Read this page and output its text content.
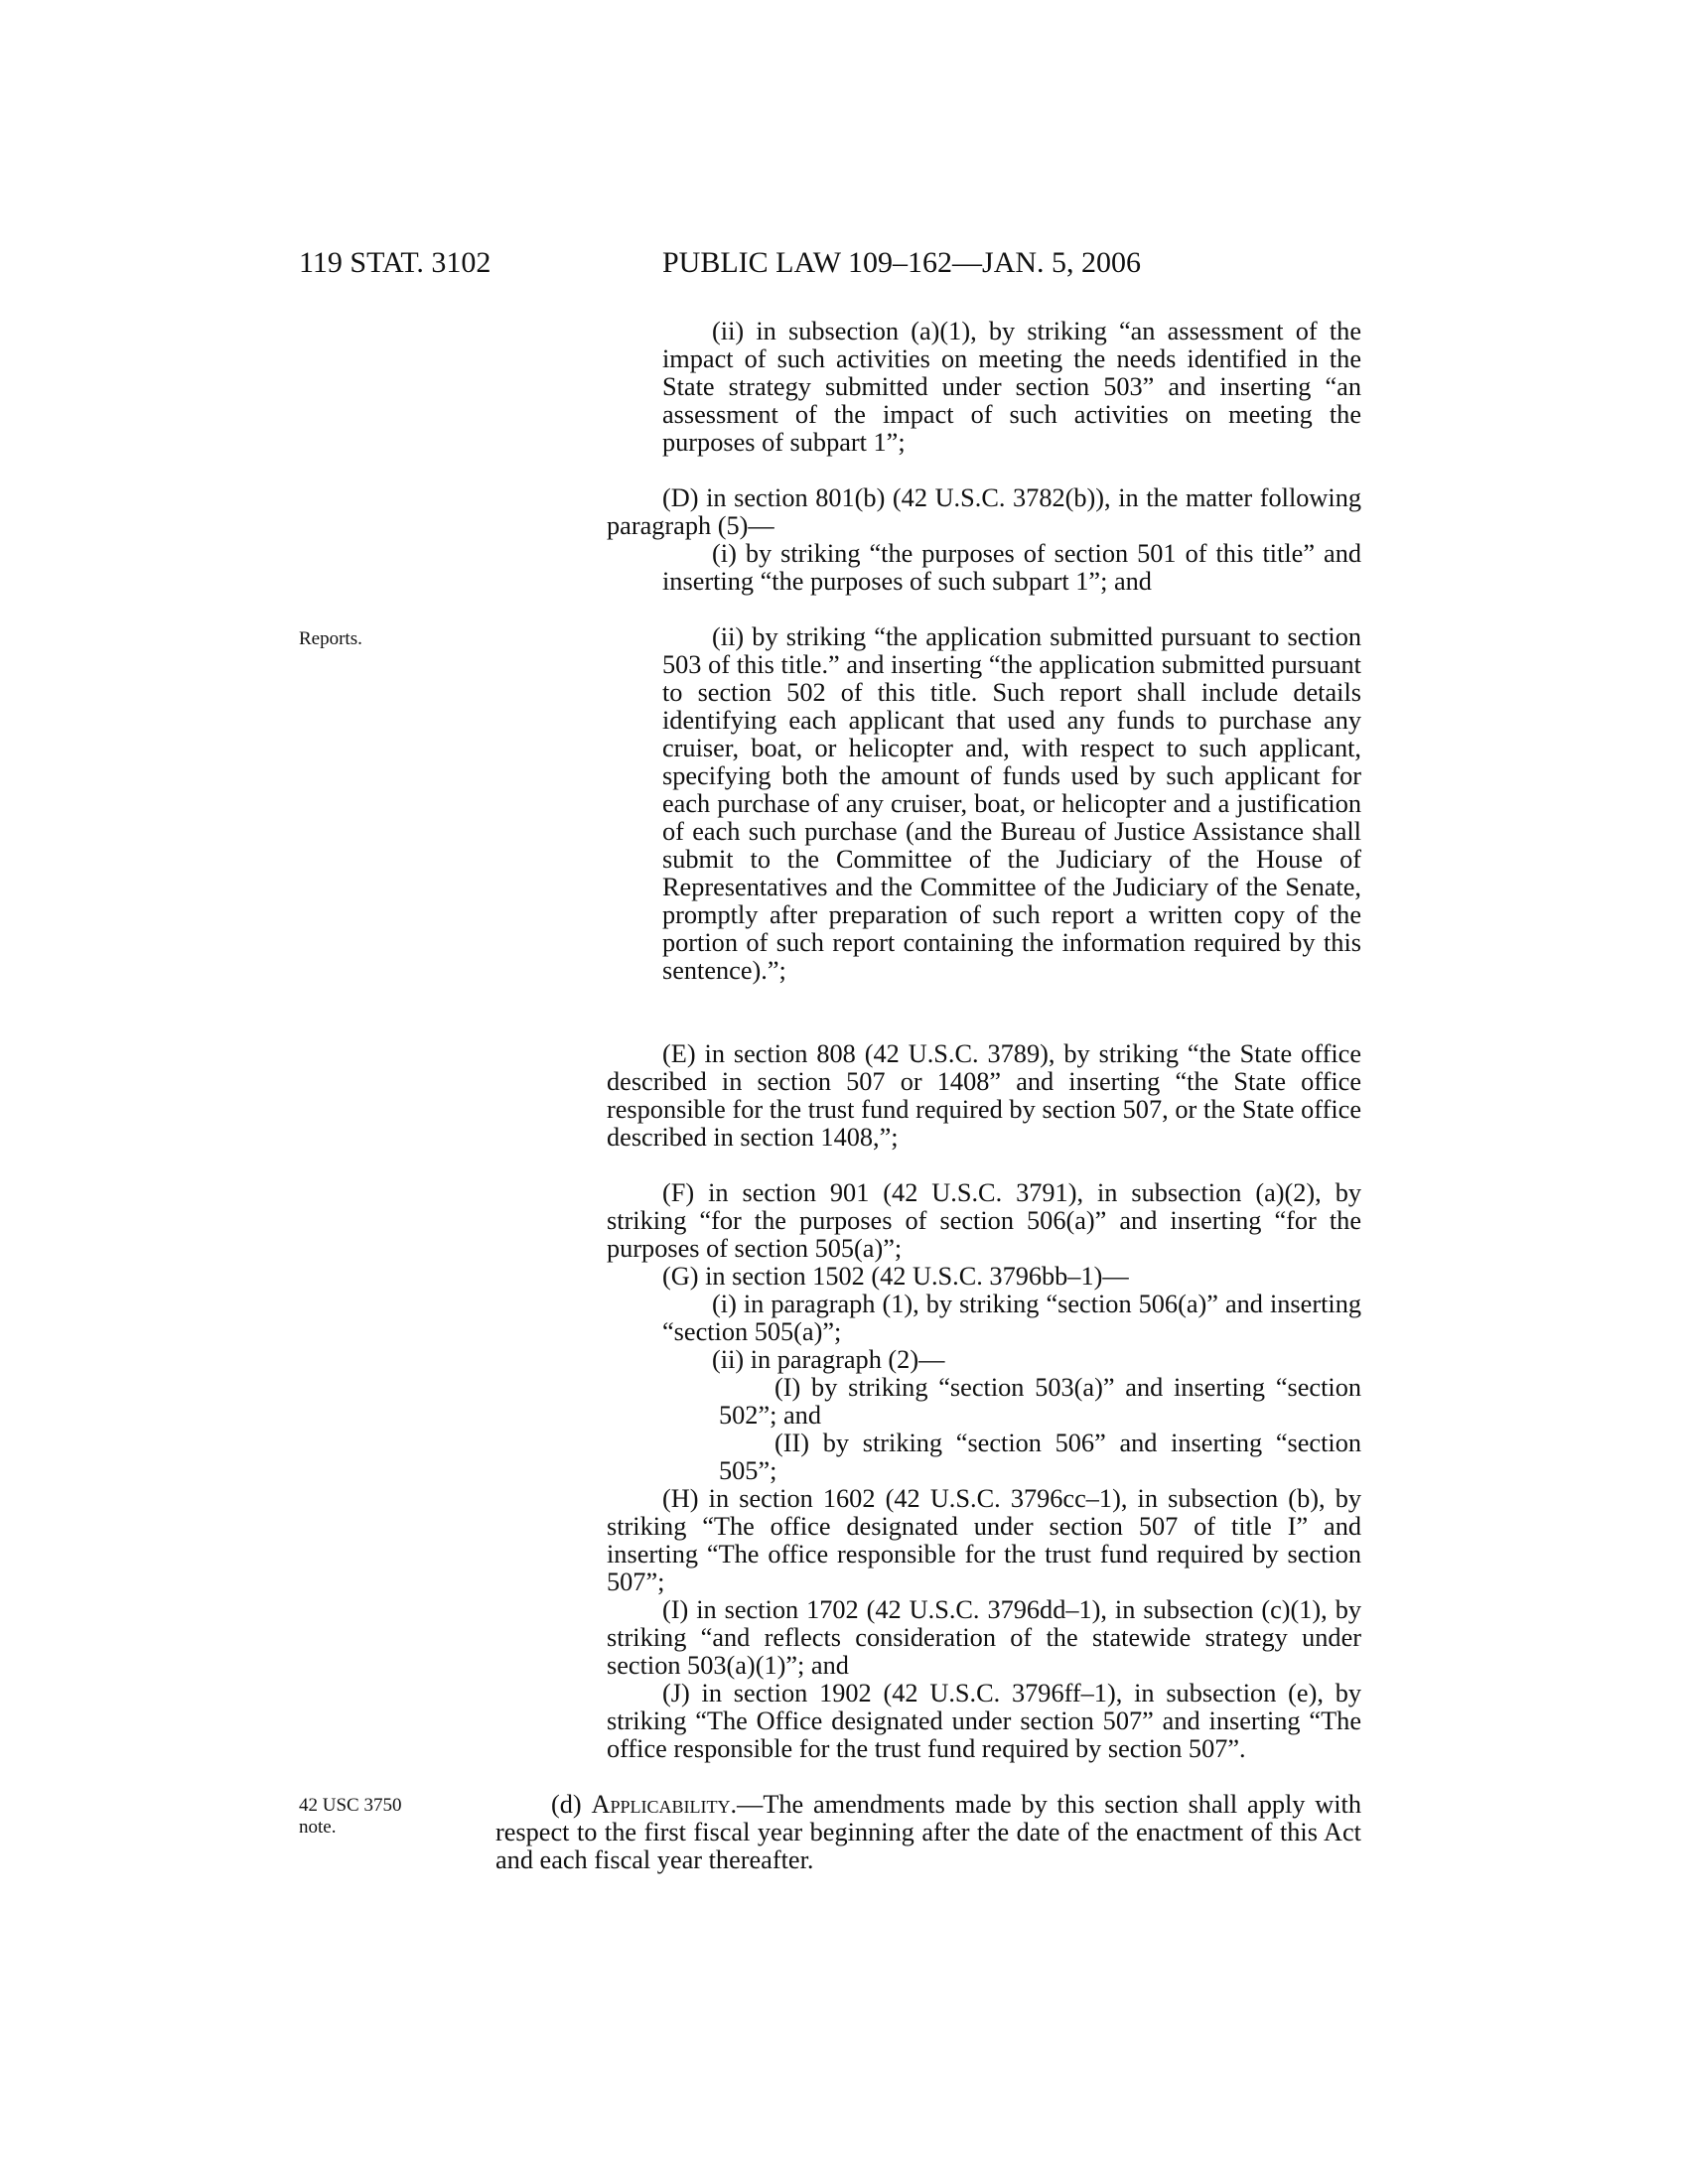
119 STAT. 3102	PUBLIC LAW 109–162—JAN. 5, 2006
Reports.
42 USC 3750
note.

(ii) in subsection (a)(1), by striking “an assessment of the impact of such activities on meeting the needs identified in the State strategy submitted under section 503” and inserting “an assessment of the impact of such activities on meeting the purposes of subpart 1”;

(D) in section 801(b) (42 U.S.C. 3782(b)), in the matter following paragraph (5)—

(i) by striking “the purposes of section 501 of this title” and inserting “the purposes of such subpart 1”; and

(ii) by striking “the application submitted pursuant to section 503 of this title.” and inserting “the application submitted pursuant to section 502 of this title. Such report shall include details identifying each applicant that used any funds to purchase any cruiser, boat, or helicopter and, with respect to such applicant, specifying both the amount of funds used by such applicant for each purchase of any cruiser, boat, or helicopter and a justification of each such purchase (and the Bureau of Justice Assistance shall submit to the Committee of the Judiciary of the House of Representatives and the Committee of the Judiciary of the Senate, promptly after preparation of such report a written copy of the portion of such report containing the information required by this sentence).”;

(E) in section 808 (42 U.S.C. 3789), by striking “the State office described in section 507 or 1408” and inserting “the State office responsible for the trust fund required by section 507, or the State office described in section 1408,”;

(F) in section 901 (42 U.S.C. 3791), in subsection (a)(2), by striking “for the purposes of section 506(a)” and inserting “for the purposes of section 505(a)”;

(G) in section 1502 (42 U.S.C. 3796bb–1)—

(i) in paragraph (1), by striking “section 506(a)” and inserting “section 505(a)”;

(ii) in paragraph (2)—

(I) by striking “section 503(a)” and inserting “section 502”; and

(II) by striking “section 506” and inserting “section 505”;

(H) in section 1602 (42 U.S.C. 3796cc–1), in subsection (b), by striking “The office designated under section 507 of title I” and inserting “The office responsible for the trust fund required by section 507”;

(I) in section 1702 (42 U.S.C. 3796dd–1), in subsection (c)(1), by striking “and reflects consideration of the statewide strategy under section 503(a)(1)”; and

(J) in section 1902 (42 U.S.C. 3796ff–1), in subsection (e), by striking “The Office designated under section 507” and inserting “The office responsible for the trust fund required by section 507”.

(d) Applicability.—The amendments made by this section shall apply with respect to the first fiscal year beginning after the date of the enactment of this Act and each fiscal year thereafter.
